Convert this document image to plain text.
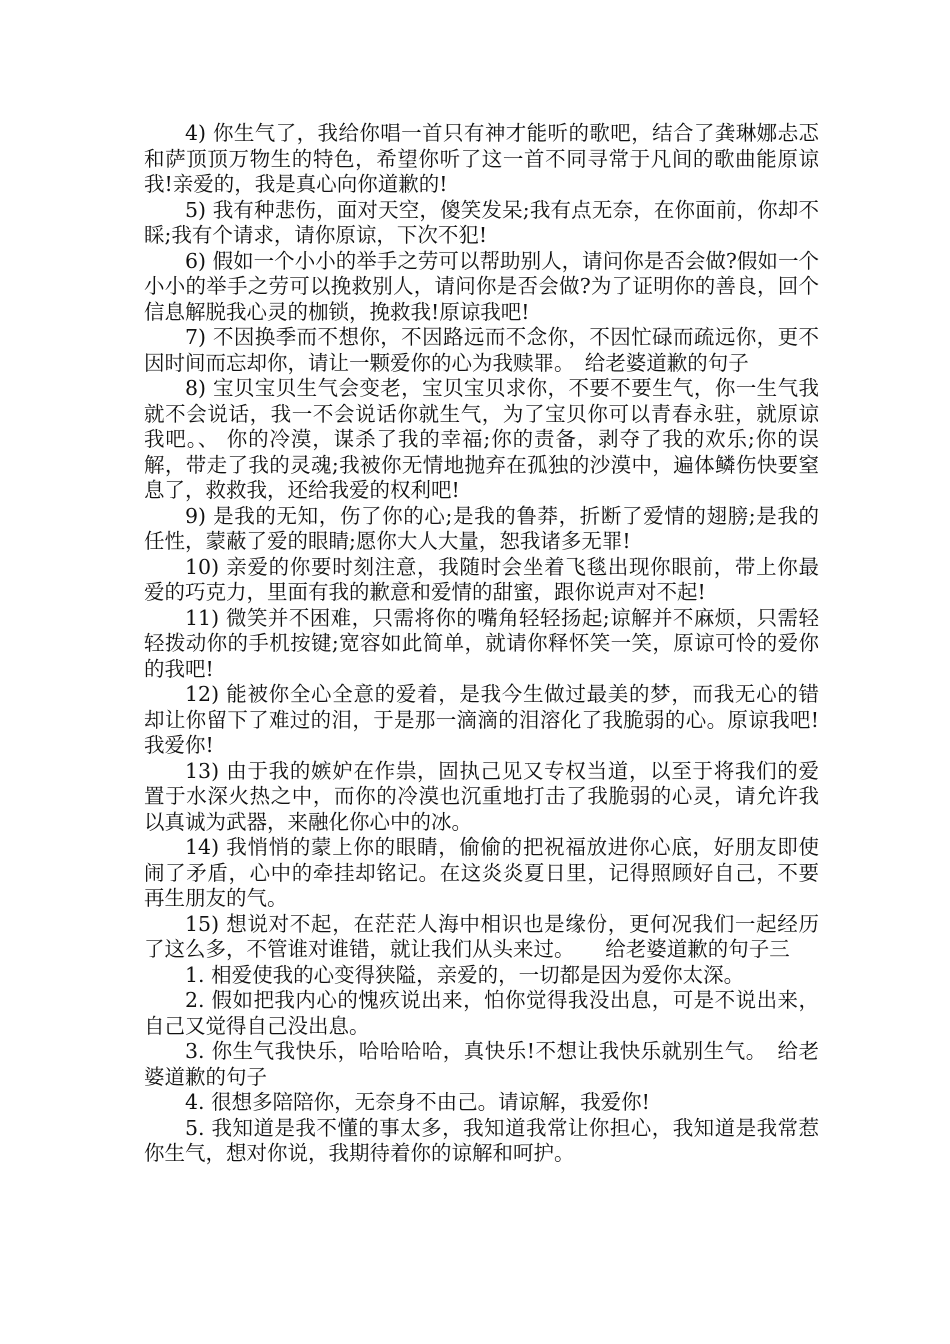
4) 你生气了，我给你唱一首只有神才能听的歌吧，结合了龚琳娜忐忑和萨顶顶万物生的特色，希望你听了这一首不同寻常于凡间的歌曲能原谅我!亲爱的，我是真心向你道歉的!

5) 我有种悲伤，面对天空，傻笑发呆;我有点无奈，在你面前，你却不睬;我有个请求，请你原谅，下次不犯!

6) 假如一个小小的举手之劳可以帮助别人，请问你是否会做?假如一个小小的举手之劳可以挽救别人，请问你是否会做?为了证明你的善良，回个信息解脱我心灵的枷锁，挽救我!原谅我吧!

7) 不因换季而不想你，不因路远而不念你，不因忙碌而疏远你，更不因时间而忘却你，请让一颗爱你的心为我赎罪。　给老婆道歉的句子

8) 宝贝宝贝生气会变老，宝贝宝贝求你，不要不要生气，你一生气我就不会说话，我一不会说话你就生气，为了宝贝你可以青春永驻，就原谅我吧。、 你的冷漠，谋杀了我的幸福;你的责备，剥夺了我的欢乐;你的误解，带走了我的灵魂;我被你无情地抛弃在孤独的沙漠中，遍体鳞伤快要窒息了，救救我，还给我爱的权利吧!

9) 是我的无知，伤了你的心;是我的鲁莽，折断了爱情的翅膀;是我的任性，蒙蔽了爱的眼睛;愿你大人大量，恕我诸多无罪!

10) 亲爱的你要时刻注意，我随时会坐着飞毯出现你眼前，带上你最爱的巧克力，里面有我的歉意和爱情的甜蜜，跟你说声对不起!

11) 微笑并不困难，只需将你的嘴角轻轻扬起;谅解并不麻烦，只需轻轻拨动你的手机按键;宽容如此简单，就请你释怀笑一笑，原谅可怜的爱你的我吧!

12) 能被你全心全意的爱着，是我今生做过最美的梦，而我无心的错却让你留下了难过的泪，于是那一滴滴的泪溶化了我脆弱的心。原谅我吧!我爱你!

13) 由于我的嫉妒在作祟，固执己见又专权当道，以至于将我们的爱置于水深火热之中，而你的冷漠也沉重地打击了我脆弱的心灵，请允许我以真诚为武器，来融化你心中的冰。

14) 我悄悄的蒙上你的眼睛，偷偷的把祝福放进你心底，好朋友即使闹了矛盾，心中的牵挂却铭记。在这炎炎夏日里，记得照顾好自己，不要再生朋友的气。

15) 想说对不起，在茫茫人海中相识也是缘份，更何况我们一起经历了这么多，不管谁对谁错，就让我们从头来过。　　给老婆道歉的句子三

1. 相爱使我的心变得狭隘，亲爱的，一切都是因为爱你太深。

2. 假如把我内心的愧疚说出来，怕你觉得我没出息，可是不说出来，自己又觉得自己没出息。

3. 你生气我快乐，哈哈哈哈，真快乐!不想让我快乐就别生气。　给老婆道歉的句子

4. 很想多陪陪你，无奈身不由己。请谅解，我爱你!

5. 我知道是我不懂的事太多，我知道我常让你担心，我知道是我常惹你生气，想对你说，我期待着你的谅解和呵护。
